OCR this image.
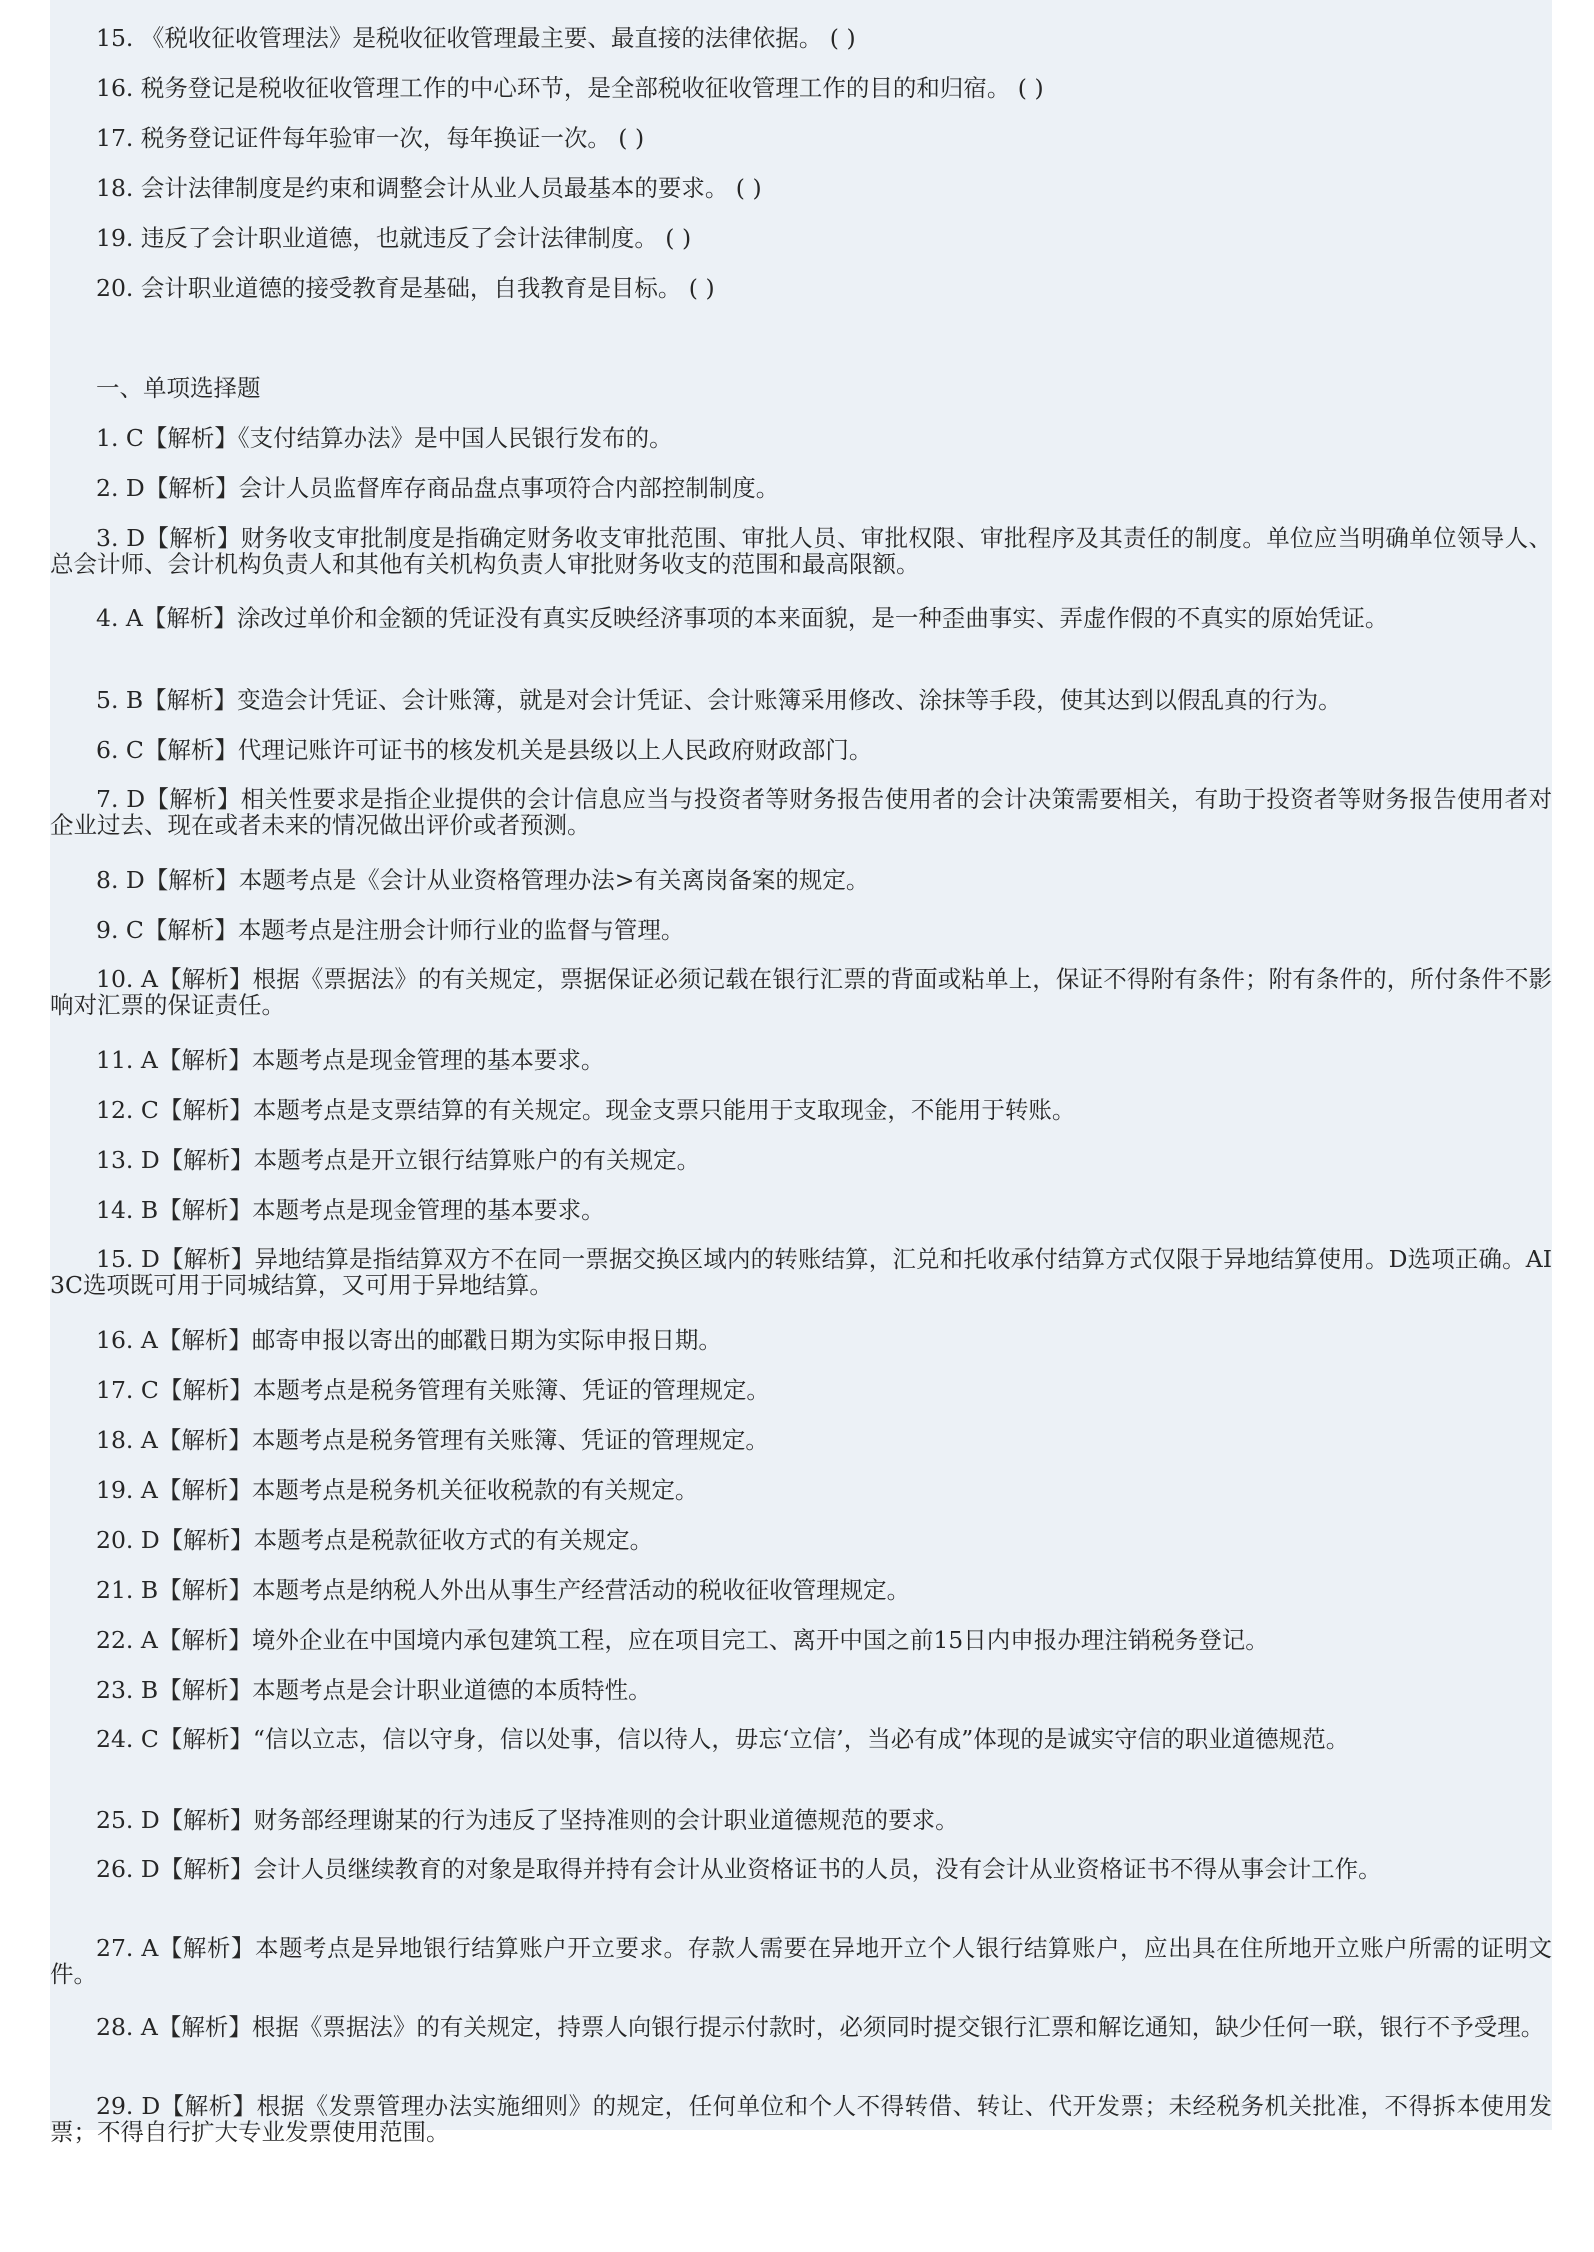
15. 《税收征收管理法》是税收征收管理最主要、最直接的法律依据。 ( )
16. 税务登记是税收征收管理工作的中心环节，是全部税收征收管理工作的目的和归宿。 ( )
17. 税务登记证件每年验审一次，每年换证一次。 ( )
18. 会计法律制度是约束和调整会计从业人员最基本的要求。 ( )
19. 违反了会计职业道德，也就违反了会计法律制度。 ( )
20. 会计职业道德的接受教育是基础，自我教育是目标。 ( )
一、单项选择题
1. C【解析】《支付结算办法》是中国人民银行发布的。
2. D【解析】会计人员监督库存商品盘点事项符合内部控制制度。
3. D【解析】财务收支审批制度是指确定财务收支审批范围、审批人员、审批权限、审批程序及其责任的制度。单位应当明确单位领导人、总会计师、会计机构负责人和其他有关机构负责人审批财务收支的范围和最高限额。
4. A【解析】涂改过单价和金额的凭证没有真实反映经济事项的本来面貌，是一种歪曲事实、弄虚作假的不真实的原始凭证。
5. B【解析】变造会计凭证、会计账簿，就是对会计凭证、会计账簿采用修改、涂抹等手段，使其达到以假乱真的行为。
6. C【解析】代理记账许可证书的核发机关是县级以上人民政府财政部门。
7. D【解析】相关性要求是指企业提供的会计信息应当与投资者等财务报告使用者的会计决策需要相关，有助于投资者等财务报告使用者对企业过去、现在或者未来的情况做出评价或者预测。
8. D【解析】本题考点是《会计从业资格管理办法>有关离岗备案的规定。
9. C【解析】本题考点是注册会计师行业的监督与管理。
10. A【解析】根据《票据法》的有关规定，票据保证必须记载在银行汇票的背面或粘单上，保证不得附有条件；附有条件的，所付条件不影响对汇票的保证责任。
11. A【解析】本题考点是现金管理的基本要求。
12. C【解析】本题考点是支票结算的有关规定。现金支票只能用于支取现金，不能用于转账。
13. D【解析】本题考点是开立银行结算账户的有关规定。
14. B【解析】本题考点是现金管理的基本要求。
15. D【解析】异地结算是指结算双方不在同一票据交换区域内的转账结算，汇兑和托收承付结算方式仅限于异地结算使用。D选项正确。AI3C选项既可用于同城结算，又可用于异地结算。
16. A【解析】邮寄申报以寄出的邮戳日期为实际申报日期。
17. C【解析】本题考点是税务管理有关账簿、凭证的管理规定。
18. A【解析】本题考点是税务管理有关账簿、凭证的管理规定。
19. A【解析】本题考点是税务机关征收税款的有关规定。
20. D【解析】本题考点是税款征收方式的有关规定。
21. B【解析】本题考点是纳税人外出从事生产经营活动的税收征收管理规定。
22. A【解析】境外企业在中国境内承包建筑工程，应在项目完工、离开中国之前15日内申报办理注销税务登记。
23. B【解析】本题考点是会计职业道德的本质特性。
24. C【解析】“信以立志，信以守身，信以处事，信以待人，毋忘‘立信’，当必有成”体现的是诚实守信的职业道德规范。
25. D【解析】财务部经理谢某的行为违反了坚持准则的会计职业道德规范的要求。
26. D【解析】会计人员继续教育的对象是取得并持有会计从业资格证书的人员，没有会计从业资格证书不得从事会计工作。
27. A【解析】本题考点是异地银行结算账户开立要求。存款人需要在异地开立个人银行结算账户，应出具在住所地开立账户所需的证明文件。
28. A【解析】根据《票据法》的有关规定，持票人向银行提示付款时，必须同时提交银行汇票和解讫通知，缺少任何一联，银行不予受理。
29. D【解析】根据《发票管理办法实施细则》的规定，任何单位和个人不得转借、转让、代开发票；未经税务机关批准，不得拆本使用发票；不得自行扩大专业发票使用范围。
